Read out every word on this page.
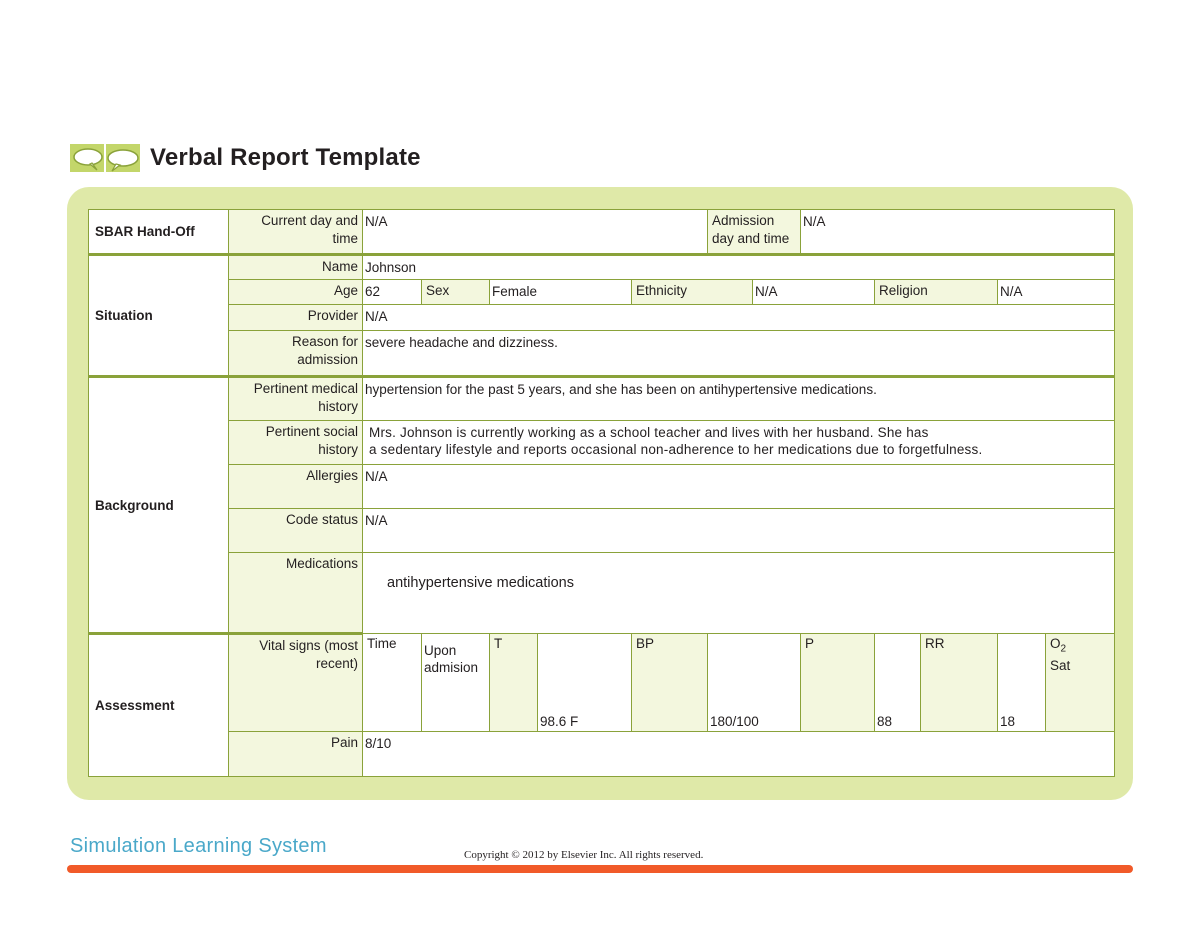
Verbal Report Template
SBAR Hand-Off	Current day and time	N/A					Admission day and time		N/A					
Situation	Name	Johnson												
	Age	62	Sex	Female		Ethnicity		N/A		Religion		N/A		
	Provider	N/A												
	Reason for admission	severe headache and dizziness.												
Background	Pertinent medical history	hypertension for the past 5 years, and she has been on antihypertensive medications.												
	Pertinent social history	Mrs. Johnson is currently working as a school teacher and lives with her husband. She has
a sedentary lifestyle and reports occasional non-adherence to her medications due to forgetfulness.												

	Allergies	N/A												
	Code status	N/A												
	Medications	antihypertensive medications												

Assessment	Vital signs (most recent)	Time	Upon admision	T	98.6 F	BP	180/100		P	88	RR	18	$O_2$
Sat	
	Pain	8/10												
Simulation Learning System	Copyright © 2012 by Elsevier Inc. All rights reserved.
